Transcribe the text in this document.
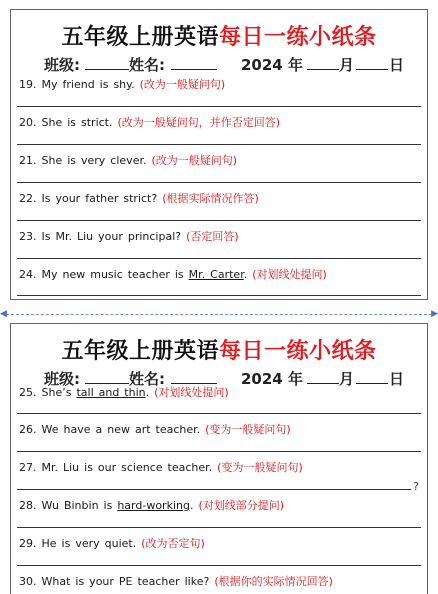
五年级上册英语每日一练小纸条
班级:	姓名:	2024 年 月 日
19. My friend is shy. (改为一般疑问句)
20. She is strict. (改为一般疑问句，并作否定回答)
21. She is very clever. (改为一般疑问句)
22. Is your father strict? (根据实际情况作答)
23. Is Mr. Liu your principal? (否定回答)
24. My new music teacher is Mr. Carter. (对划线处提问)
◀	▶
五年级上册英语每日一练小纸条
班级:	姓名:	2024 年 月 日
25. She’s tall and thin. (对划线处提问)
26. We have a new art teacher. (变为一般疑问句)
27. Mr. Liu is our science teacher. (变为一般疑问句)
?
28. Wu Binbin is hard-working. (对划线部分提问)
29. He is very quiet. (改为否定句)
30. What is your PE teacher like? (根据你的实际情况回答)
